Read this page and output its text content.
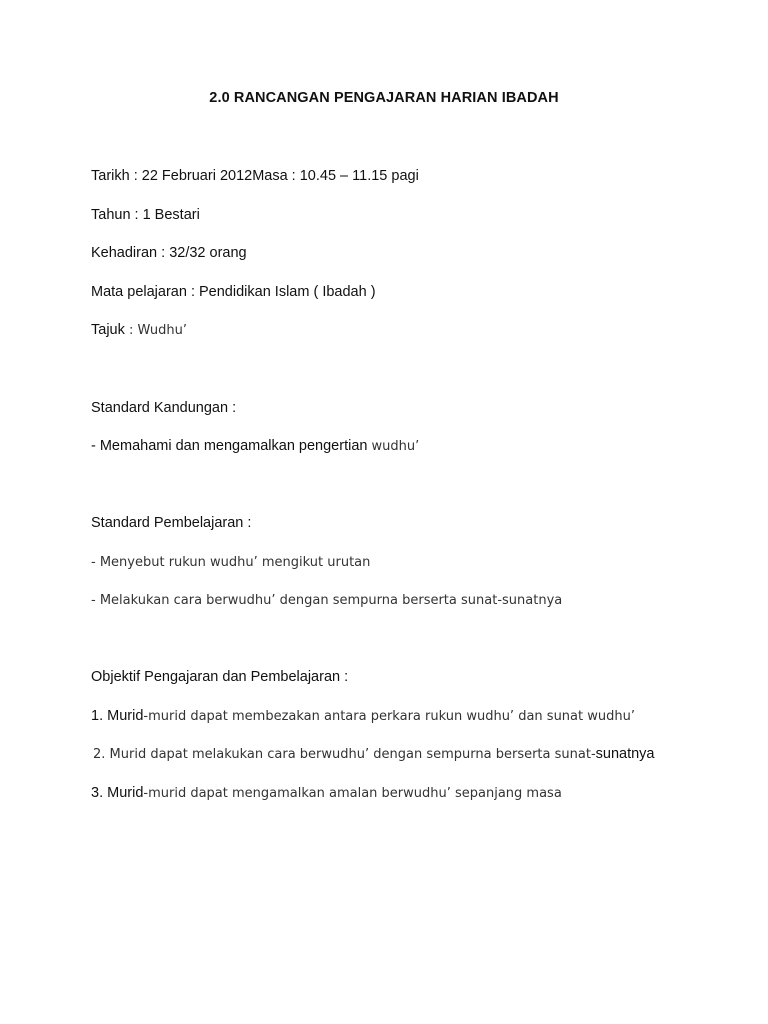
2.0 RANCANGAN PENGAJARAN HARIAN IBADAH
Tarikh : 22 Februari 2012Masa : 10.45 – 11.15 pagi
Tahun : 1 Bestari
Kehadiran : 32/32 orang
Mata pelajaran : Pendidikan Islam ( Ibadah )
Tajuk : Wudhu’
Standard Kandungan :
- Memahami dan mengamalkan pengertian wudhu’
Standard Pembelajaran :
- Menyebut rukun wudhu’ mengikut urutan
- Melakukan cara berwudhu’ dengan sempurna berserta sunat-sunatnya
Objektif Pengajaran dan Pembelajaran :
1. Murid-murid dapat membezakan antara perkara rukun wudhu’ dan sunat wudhu’
2. Murid dapat melakukan cara berwudhu’ dengan sempurna berserta sunat-sunatnya
3. Murid-murid dapat mengamalkan amalan berwudhu’ sepanjang masa
